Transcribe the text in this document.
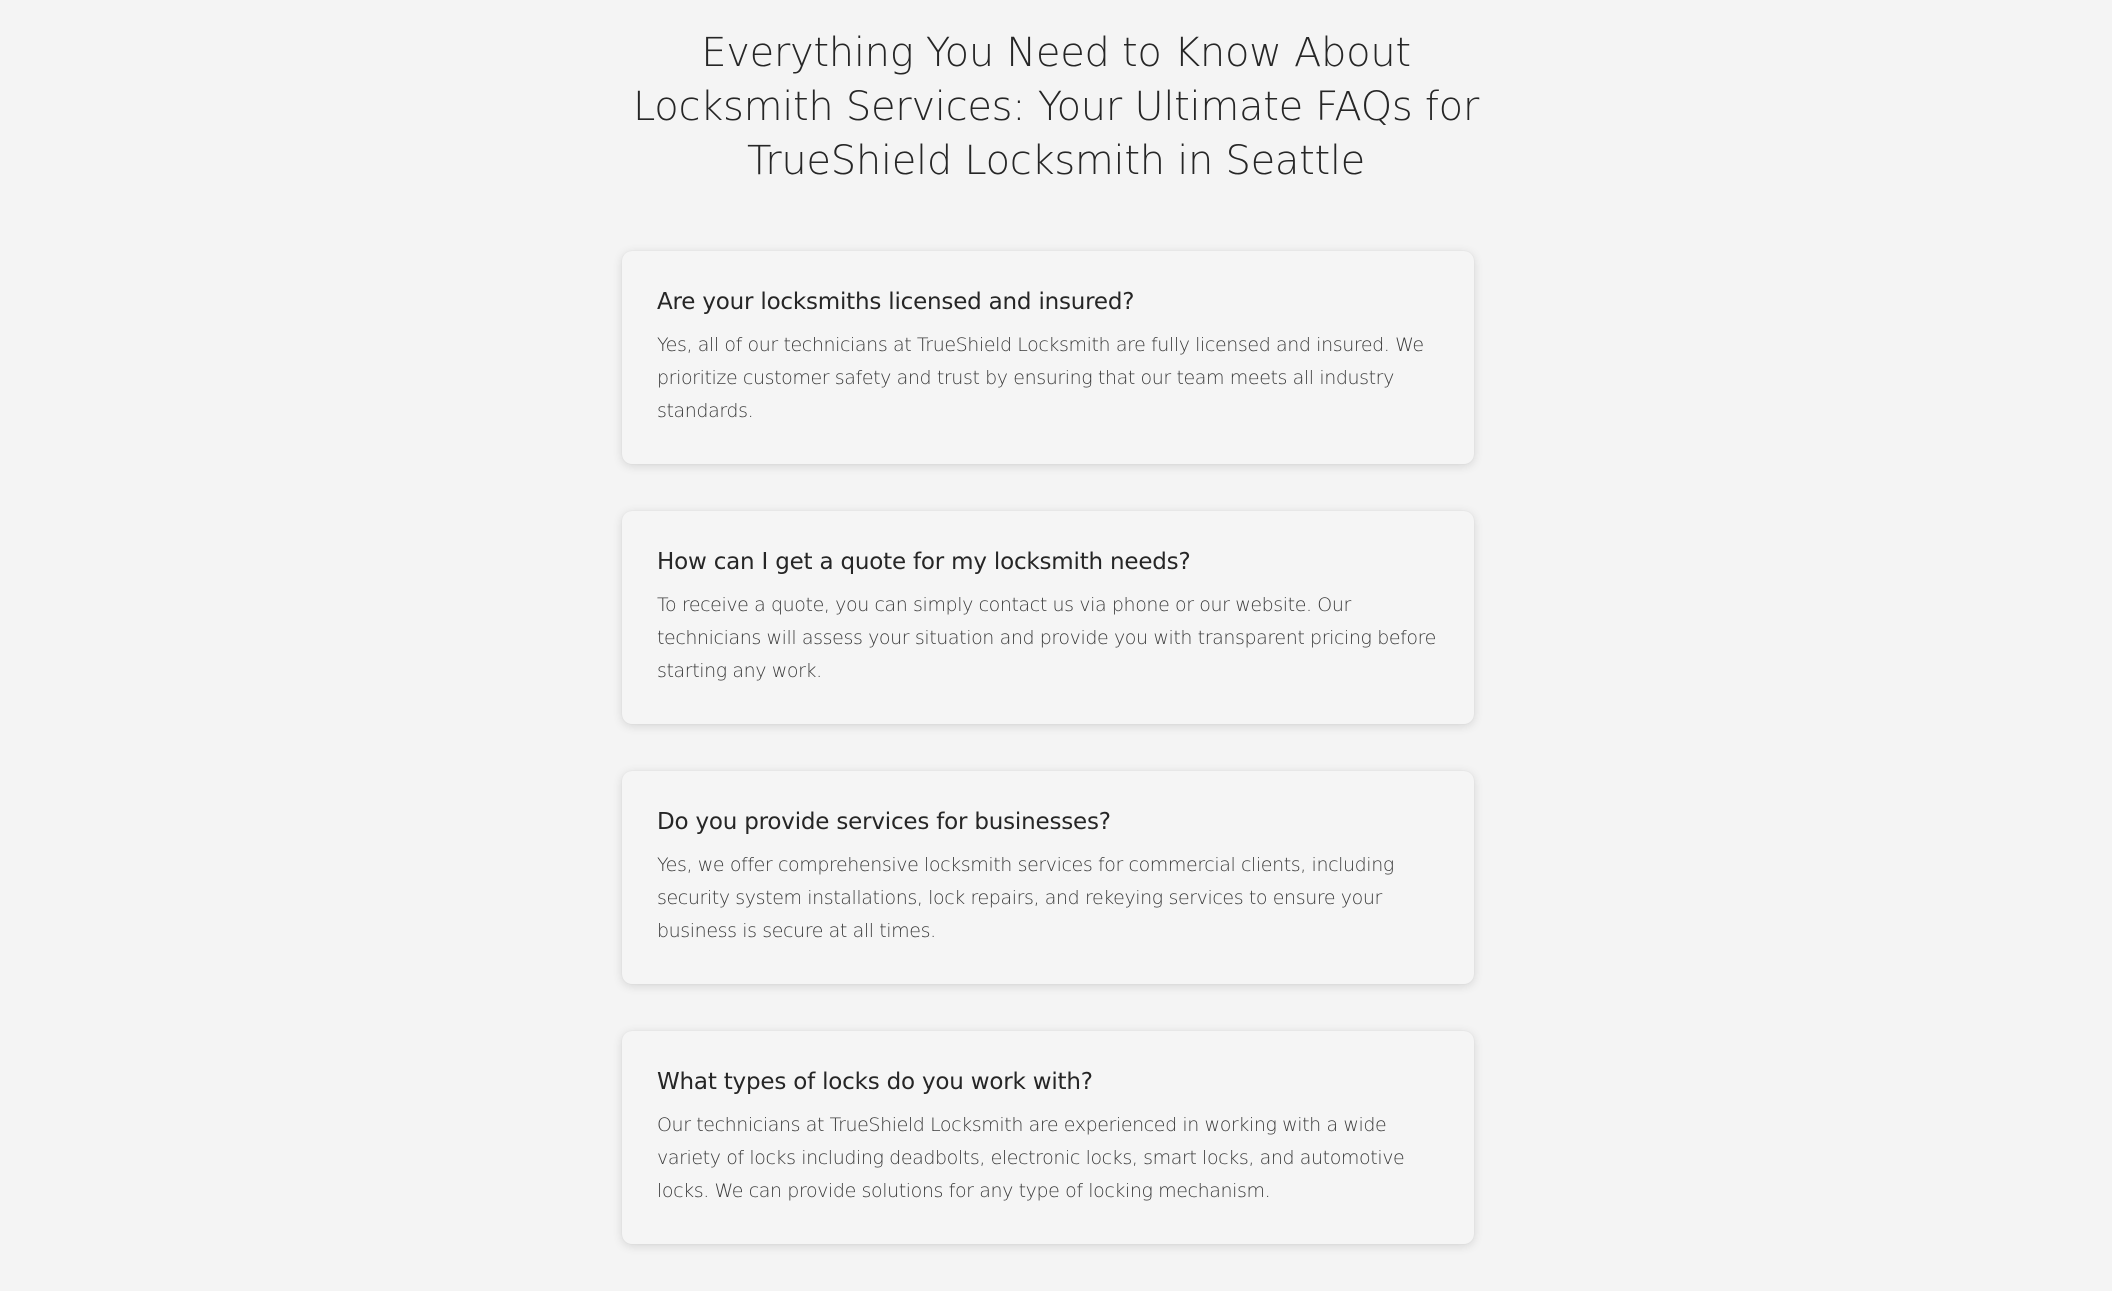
Everything You Need to Know About Locksmith Services: Your Ultimate FAQs for TrueShield Locksmith in Seattle
Are your locksmiths licensed and insured?

Yes, all of our technicians at TrueShield Locksmith are fully licensed and insured. We prioritize customer safety and trust by ensuring that our team meets all industry standards.

How can I get a quote for my locksmith needs?

To receive a quote, you can simply contact us via phone or our website. Our technicians will assess your situation and provide you with transparent pricing before starting any work.

Do you provide services for businesses?

Yes, we offer comprehensive locksmith services for commercial clients, including security system installations, lock repairs, and rekeying services to ensure your business is secure at all times.

What types of locks do you work with?

Our technicians at TrueShield Locksmith are experienced in working with a wide variety of locks including deadbolts, electronic locks, smart locks, and automotive locks. We can provide solutions for any type of locking mechanism.
